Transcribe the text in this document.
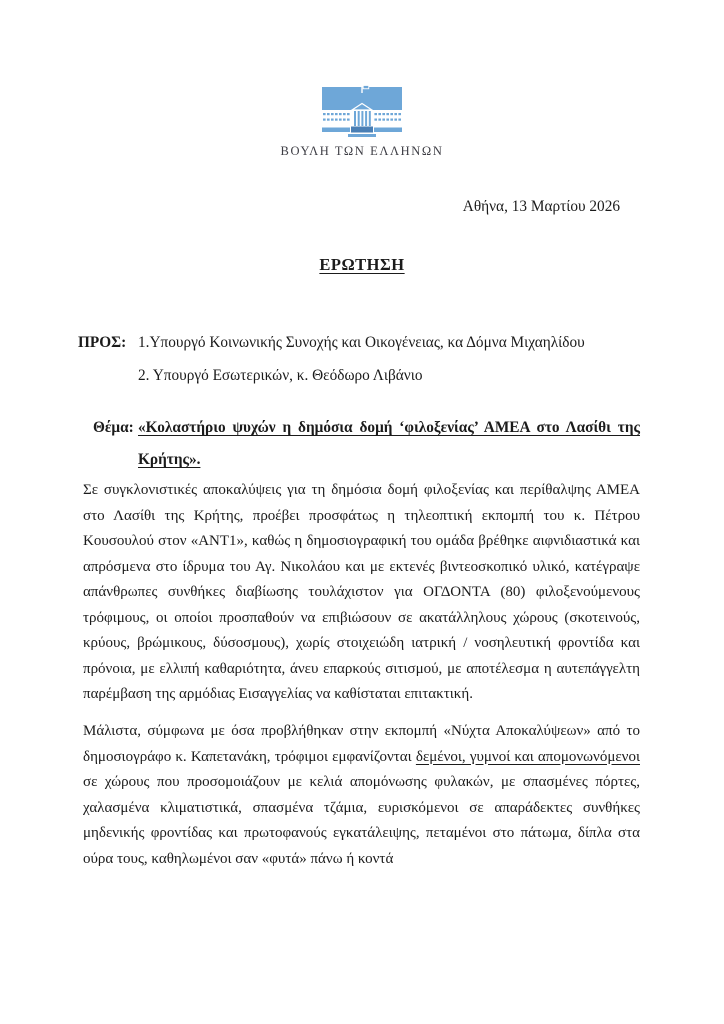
ΒΟΥΛΗ ΤΩΝ ΕΛΛΗΝΩΝ
Αθήνα, 13 Μαρτίου 2026
ΕΡΩΤΗΣΗ
ΠΡΟΣ: 1.Υπουργό Κοινωνικής Συνοχής και Οικογένειας, κα Δόμνα Μιχαηλίδου
2. Υπουργό Εσωτερικών, κ. Θεόδωρο Λιβάνιο
Θέμα: «Κολαστήριο ψυχών η δημόσια δομή ‘φιλοξενίας’ ΑΜΕΑ στο Λασίθι της Κρήτης».

Σε συγκλονιστικές αποκαλύψεις για τη δημόσια δομή φιλοξενίας και περίθαλψης ΑΜΕΑ στο Λασίθι της Κρήτης, προέβει προσφάτως η τηλεοπτική εκπομπή του κ. Πέτρου Κουσουλού στον «ΑΝΤ1», καθώς η δημοσιογραφική του ομάδα βρέθηκε αιφνιδιαστικά και απρόσμενα στο ίδρυμα του Αγ. Νικολάου και με εκτενές βιντεοσκοπικό υλικό, κατέγραψε απάνθρωπες συνθήκες διαβίωσης τουλάχιστον για ΟΓΔΟΝΤΑ (80) φιλοξενούμενους τρόφιμους, οι οποίοι προσπαθούν να επιβιώσουν σε ακατάλληλους χώρους (σκοτεινούς, κρύους, βρώμικους, δύσοσμους), χωρίς στοιχειώδη ιατρική / νοσηλευτική φροντίδα και πρόνοια, με ελλιπή καθαριότητα, άνευ επαρκούς σιτισμού, με αποτέλεσμα η αυτεπάγγελτη παρέμβαση της αρμόδιας Εισαγγελίας να καθίσταται επιτακτική.

Μάλιστα, σύμφωνα με όσα προβλήθηκαν στην εκπομπή «Νύχτα Αποκαλύψεων» από το δημοσιογράφο κ. Καπετανάκη, τρόφιμοι εμφανίζονται δεμένοι, γυμνοί και απομονωνόμενοι σε χώρους που προσομοιάζουν με κελιά απομόνωσης φυλακών, με σπασμένες πόρτες, χαλασμένα κλιματιστικά, σπασμένα τζάμια, ευρισκόμενοι σε απαράδεκτες συνθήκες μηδενικής φροντίδας και πρωτοφανούς εγκατάλειψης, πεταμένοι στο πάτωμα, δίπλα στα ούρα τους, καθηλωμένοι σαν «φυτά» πάνω ή κοντά
